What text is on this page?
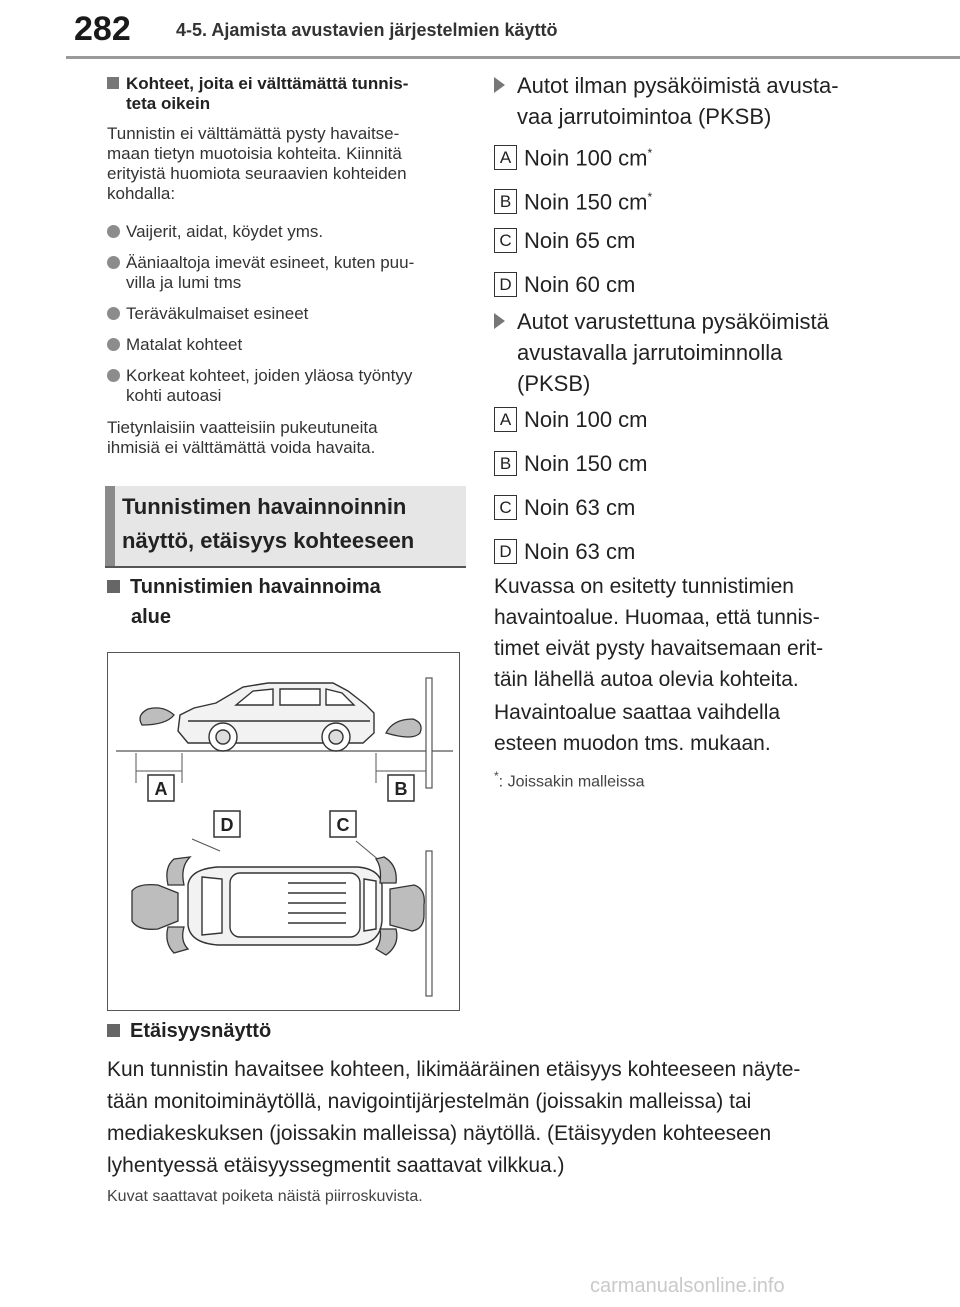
282	4-5. Ajamista avustavien järjestelmien käyttö
Kohteet, joita ei välttämättä tunnis-
teta oikein
Tunnistin ei välttämättä pysty havaitse-
maan tietyn muotoisia kohteita. Kiinnitä
erityistä huomiota seuraavien kohteiden
kohdalla:
Vaijerit, aidat, köydet yms.
Ääniaaltoja imevät esineet, kuten puu-
villa ja lumi tms
Teräväkulmaiset esineet
Matalat kohteet
Korkeat kohteet, joiden yläosa työntyy
kohti autoasi
Tietynlaisiin vaatteisiin pukeutuneita
ihmisiä ei välttämättä voida havaita.
Tunnistimen havainnoinnin
näyttö, etäisyys kohteeseen
Tunnistimien havainnoima
alue
A	B
D	C
Autot ilman pysäköimistä avusta-
vaa jarrutoimintoa (PKSB)
A Noin 100 cm*
B Noin 150 cm*
C Noin 65 cm
D Noin 60 cm
Autot varustettuna pysäköimistä
avustavalla jarrutoiminnolla
(PKSB)
A Noin 100 cm
B Noin 150 cm
C Noin 63 cm
D Noin 63 cm
Kuvassa on esitetty tunnistimien
havaintoalue. Huomaa, että tunnis-
timet eivät pysty havaitsemaan erit-
täin lähellä autoa olevia kohteita.
Havaintoalue saattaa vaihdella
esteen muodon tms. mukaan.
*: Joissakin malleissa
Etäisyysnäyttö
Kun tunnistin havaitsee kohteen, likimääräinen etäisyys kohteeseen näyte-
tään monitoiminäytöllä, navigointijärjestelmän (joissakin malleissa) tai
mediakeskuksen (joissakin malleissa) näytöllä. (Etäisyyden kohteeseen
lyhentyessä etäisyyssegmentit saattavat vilkkua.)
Kuvat saattavat poiketa näistä piirroskuvista.
carmanualsonline.info
